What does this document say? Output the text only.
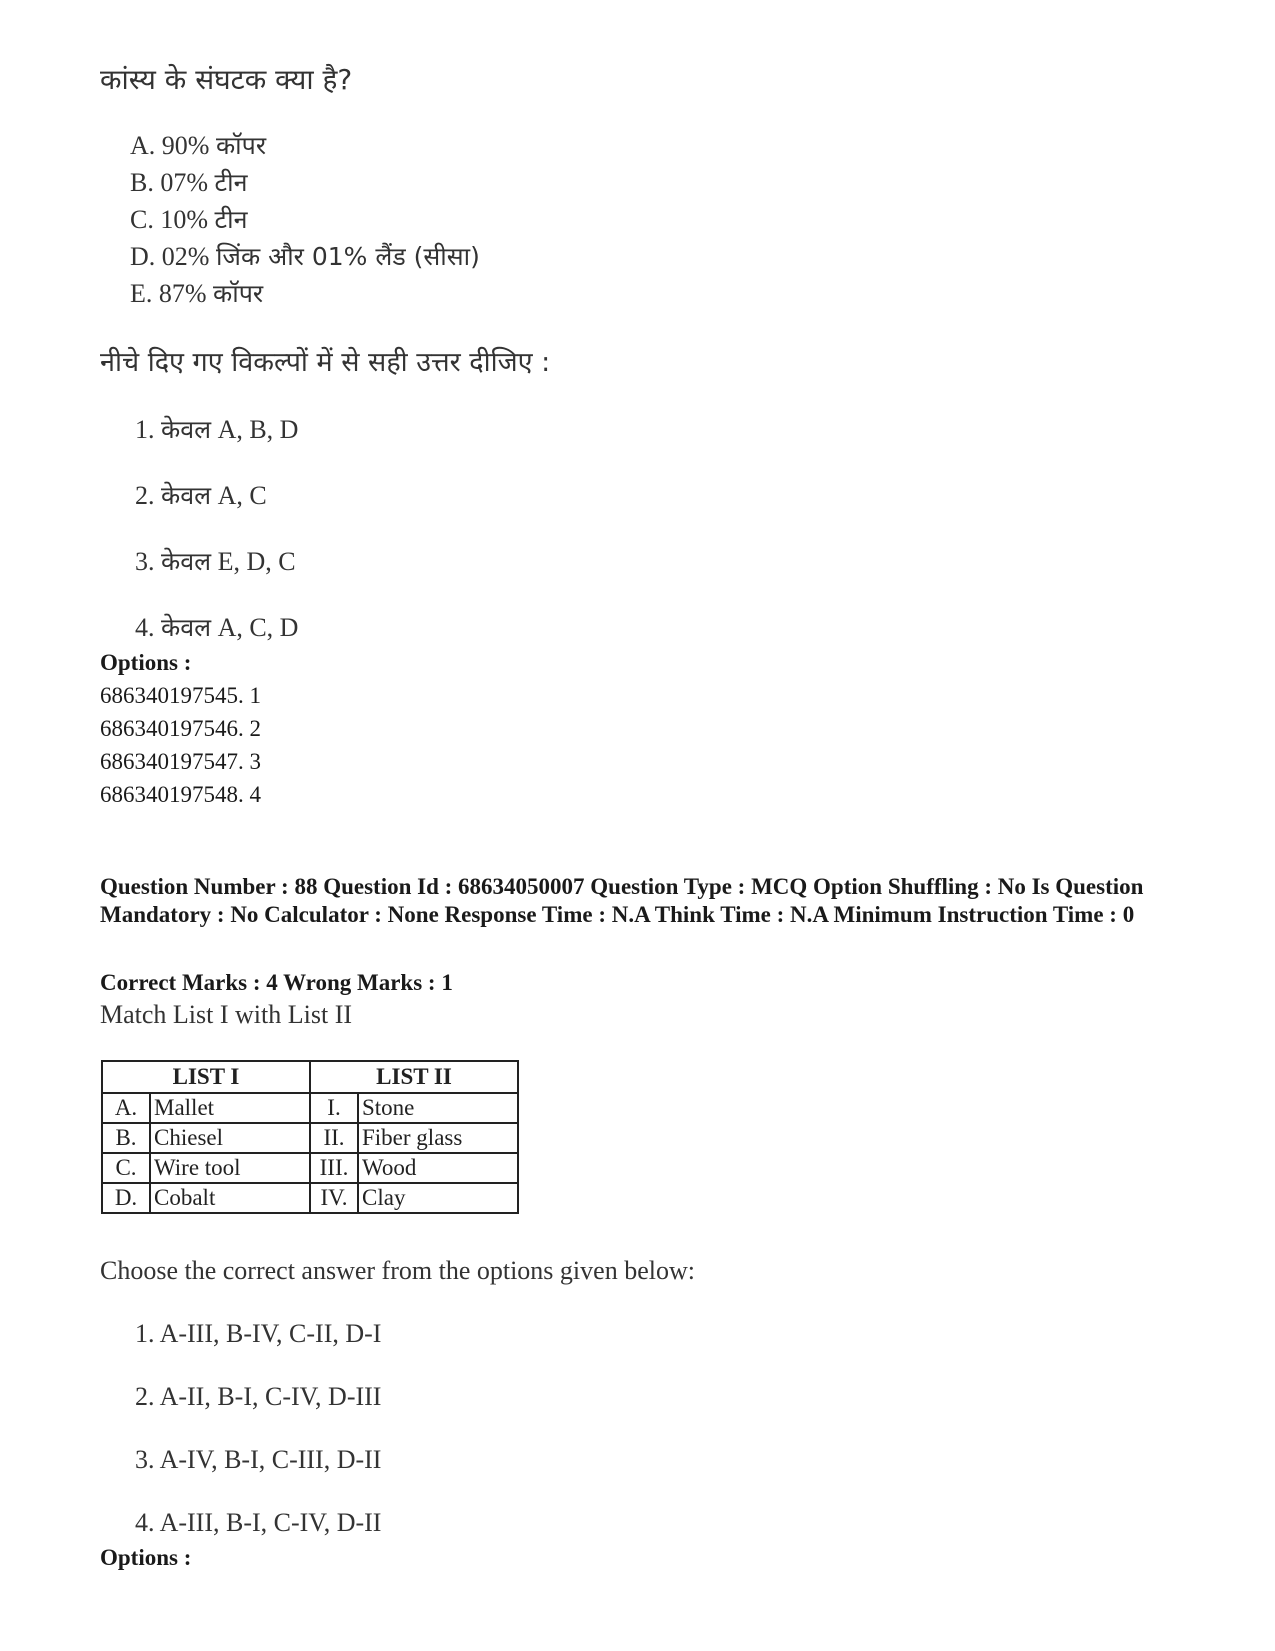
कांस्य के संघटक क्या है?
A. 90% कॉपर
B. 07% टीन
C. 10% टीन
D. 02% जिंक और 01% लैंड (सीसा)
E. 87% कॉपर
नीचे दिए गए विकल्पों में से सही उत्तर दीजिए :
1. केवल A, B, D
2. केवल A, C
3. केवल E, D, C
4. केवल A, C, D
Options :
686340197545. 1
686340197546. 2
686340197547. 3
686340197548. 4
Question Number : 88 Question Id : 68634050007 Question Type : MCQ Option Shuffling : No Is Question Mandatory : No Calculator : None Response Time : N.A Think Time : N.A Minimum Instruction Time : 0
Correct Marks : 4 Wrong Marks : 1
Match List I with List II
LIST I		LIST II	
A.	Mallet	I.	Stone
B.	Chiesel	II.	Fiber glass
C.	Wire tool	III.	Wood
D.	Cobalt	IV.	Clay
Choose the correct answer from the options given below:
1. A-III, B-IV, C-II, D-I
2. A-II, B-I, C-IV, D-III
3. A-IV, B-I, C-III, D-II
4. A-III, B-I, C-IV, D-II
Options :
